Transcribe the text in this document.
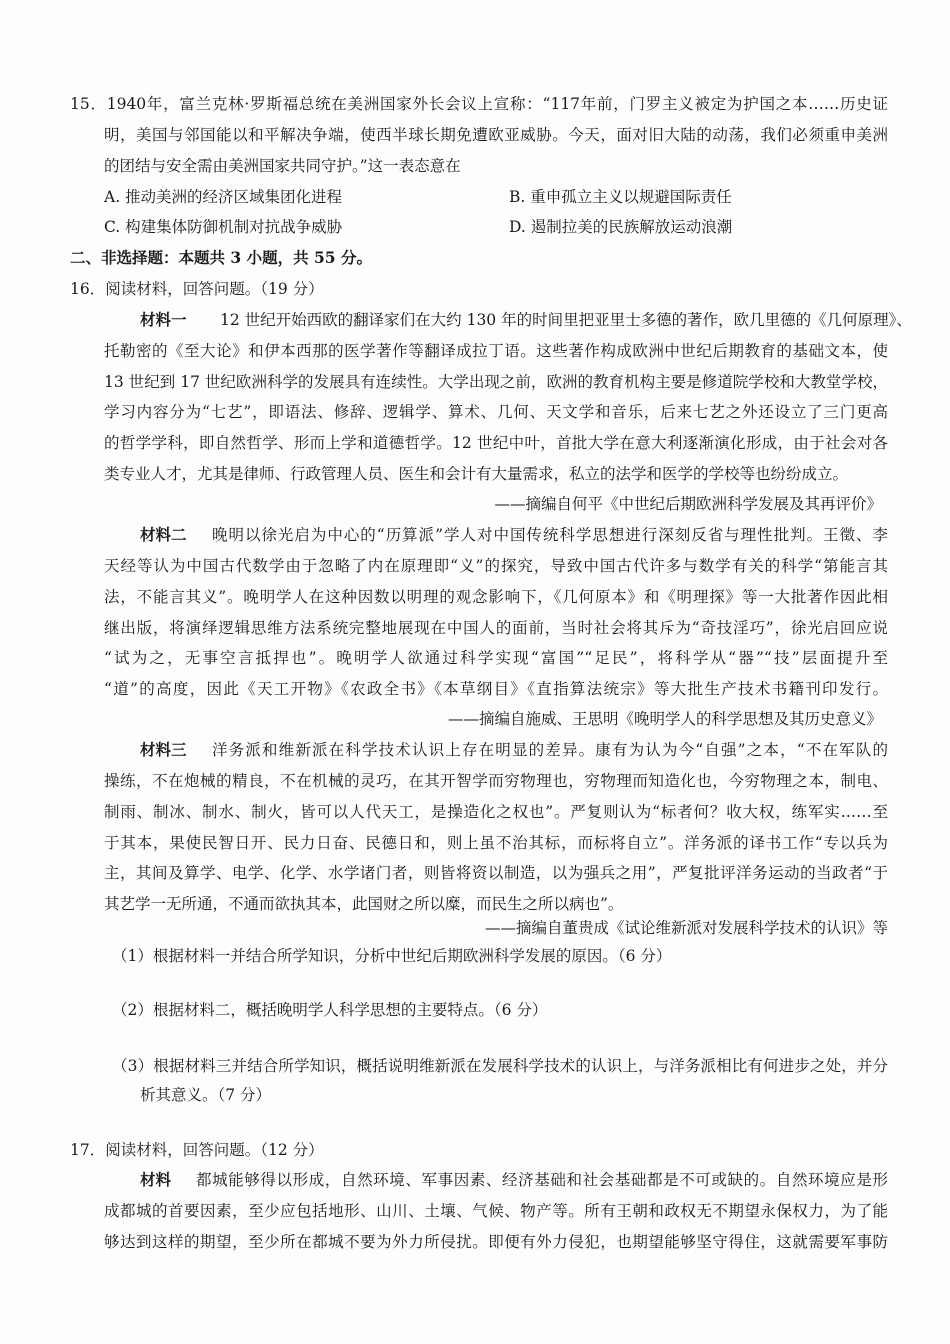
15．1940年，富兰克林·罗斯福总统在美洲国家外长会议上宣称：“117年前，门罗主义被定为护国之本……历史证
明，美国与邻国能以和平解决争端，使西半球长期免遭欧亚威胁。今天，面对旧大陆的动荡，我们必须重申美洲
的团结与安全需由美洲国家共同守护。”这一表态意在
A. 推动美洲的经济区域集团化进程	B. 重申孤立主义以规避国际责任
C. 构建集体防御机制对抗战争威胁	D. 遏制拉美的民族解放运动浪潮
二、非选择题：本题共 3 小题，共 55 分。
16．阅读材料，回答问题。（19 分）
材料一 12 世纪开始西欧的翻译家们在大约 130 年的时间里把亚里士多德的著作，欧几里德的《几何原理》、
托勒密的《至大论》和伊本西那的医学著作等翻译成拉丁语。这些著作构成欧洲中世纪后期教育的基础文本，使
13 世纪到 17 世纪欧洲科学的发展具有连续性。大学出现之前，欧洲的教育机构主要是修道院学校和大教堂学校，
学习内容分为“七艺”，即语法、修辞、逻辑学、算术、几何、天文学和音乐，后来七艺之外还设立了三门更高
的哲学学科，即自然哲学、形而上学和道德哲学。12 世纪中叶，首批大学在意大利逐渐演化形成，由于社会对各
类专业人才，尤其是律师、行政管理人员、医生和会计有大量需求，私立的法学和医学的学校等也纷纷成立。
——摘编自何平《中世纪后期欧洲科学发展及其再评价》
材料二 晚明以徐光启为中心的“历算派”学人对中国传统科学思想进行深刻反省与理性批判。王徵、李
天经等认为中国古代数学由于忽略了内在原理即“义”的探究，导致中国古代许多与数学有关的科学“第能言其
法，不能言其义”。晚明学人在这种因数以明理的观念影响下，《几何原本》和《明理探》等一大批著作因此相
继出版，将演绎逻辑思维方法系统完整地展现在中国人的面前，当时社会将其斥为“奇技淫巧”，徐光启回应说
“试为之，无事空言抵捍也”。晚明学人欲通过科学实现“富国”“足民”，将科学从“器”“技”层面提升至
“道”的高度，因此《天工开物》《农政全书》《本草纲目》《直指算法统宗》等大批生产技术书籍刊印发行。
——摘编自施威、王思明《晚明学人的科学思想及其历史意义》
材料三 洋务派和维新派在科学技术认识上存在明显的差异。康有为认为今“自强”之本，“不在军队的
操练，不在炮械的精良，不在机械的灵巧，在其开智学而穷物理也，穷物理而知造化也，今穷物理之本，制电、
制雨、制冰、制水、制火，皆可以人代天工，是操造化之权也”。严复则认为“标者何？收大权，练军实……至
于其本，果使民智日开、民力日奋、民德日和，则上虽不治其标，而标将自立”。洋务派的译书工作“专以兵为
主，其间及算学、电学、化学、水学诸门者，则皆将资以制造，以为强兵之用”，严复批评洋务运动的当政者“于
其艺学一无所通，不通而欲执其本，此国财之所以糜，而民生之所以病也”。
——摘编自董贵成《试论维新派对发展科学技术的认识》等
（1）根据材料一并结合所学知识，分析中世纪后期欧洲科学发展的原因。（6 分）
（2）根据材料二，概括晚明学人科学思想的主要特点。（6 分）
（3）根据材料三并结合所学知识，概括说明维新派在发展科学技术的认识上，与洋务派相比有何进步之处，并分
析其意义。（7 分）
17．阅读材料，回答问题。（12 分）
材料 都城能够得以形成，自然环境、军事因素、经济基础和社会基础都是不可或缺的。自然环境应是形
成都城的首要因素，至少应包括地形、山川、土壤、气候、物产等。所有王朝和政权无不期望永保权力，为了能
够达到这样的期望，至少所在都城不要为外力所侵扰。即便有外力侵犯，也期望能够坚守得住，这就需要军事防
